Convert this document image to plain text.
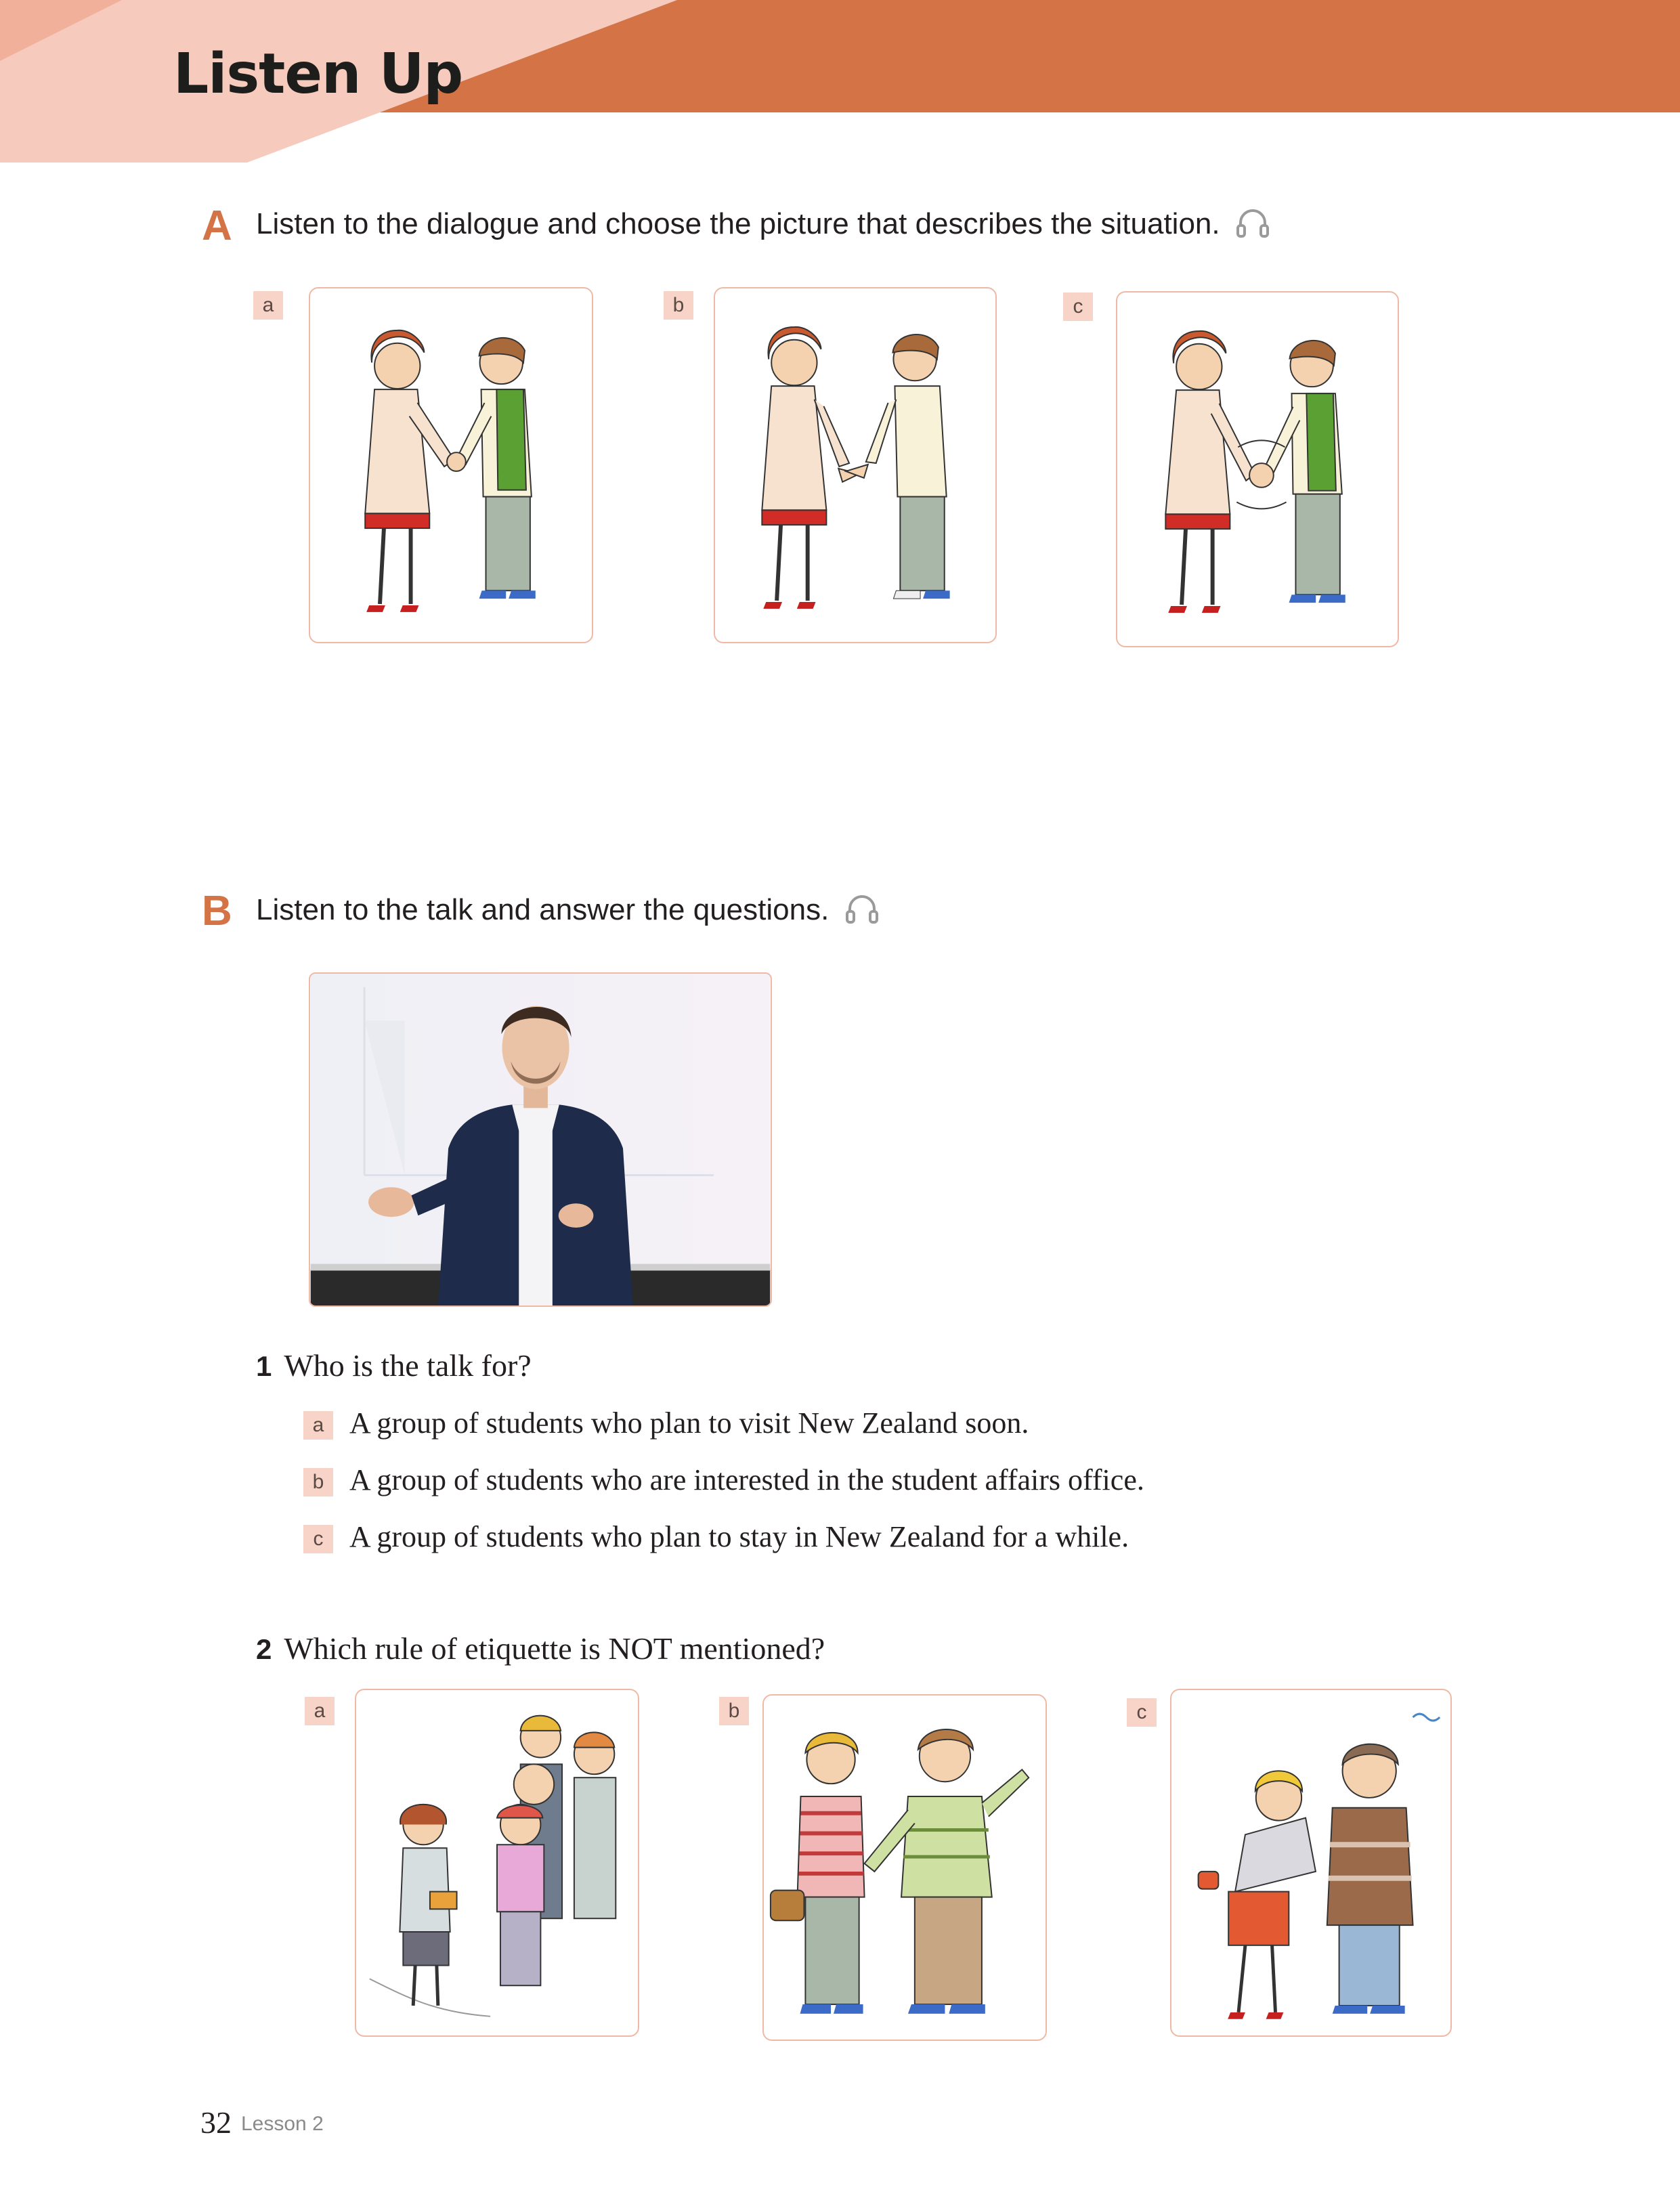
Listen Up
A Listen to the dialogue and choose the picture that describes the situation.
a	b	c
B Listen to the talk and answer the questions.
1 Who is the talk for?
a A group of students who plan to visit New Zealand soon.
b A group of students who are interested in the student affairs office.
c A group of students who plan to stay in New Zealand for a while.
2 Which rule of etiquette is NOT mentioned?
a	b	c
32 Lesson 2
